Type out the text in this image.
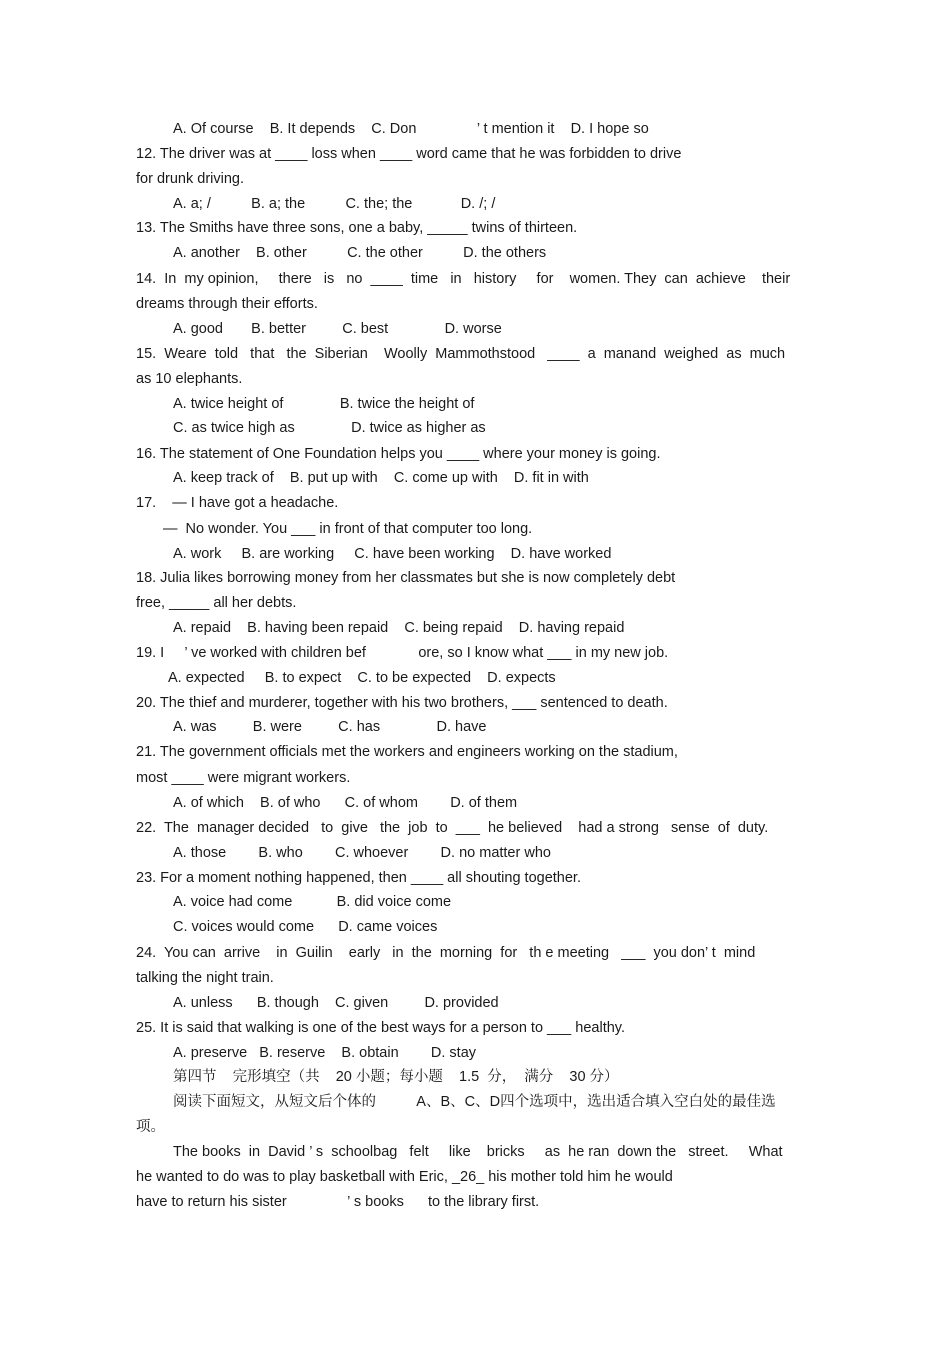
A. Of course    B. It depends    C. Don               ’ t mention it    D. I hope so
12. The driver was at ____ loss when ____ word came that he was forbidden to drive
for drunk driving.
A. a; /          B. a; the          C. the; the            D. /; /
13. The Smiths have three sons, one a baby, _____ twins of thirteen.
A. another    B. other          C. the other          D. the others
14.  In  my opinion,     there   is   no  ____  time   in   history     for    women. They  can  achieve    their
dreams through their efforts.
A. good       B. better         C. best              D. worse
15.  Weare  told   that   the  Siberian    Woolly  Mammothstood   ____  a  manand  weighed  as  much
as 10 elephants.
A. twice height of              B. twice the height of
C. as twice high as              D. twice as higher as
16. The statement of One Foundation helps you ____ where your money is going.
A. keep track of    B. put up with    C. come up with    D. fit in with
17.    — I have got a headache.
—  No wonder. You ___ in front of that computer too long.
A. work     B. are working     C. have been working    D. have worked
18. Julia likes borrowing money from her classmates but she is now completely debt
free, _____ all her debts.
A. repaid    B. having been repaid    C. being repaid    D. having repaid
19. I     ’ ve worked with children bef             ore, so I know what ___ in my new job.
A. expected     B. to expect    C. to be expected    D. expects
20. The thief and murderer, together with his two brothers, ___ sentenced to death.
A. was         B. were         C. has              D. have
21. The government officials met the workers and engineers working on the stadium,
most ____ were migrant workers.
A. of which    B. of who      C. of whom        D. of them
22.  The  manager decided   to  give   the  job  to  ___  he believed    had a strong   sense  of  duty.
A. those        B. who        C. whoever        D. no matter who
23. For a moment nothing happened, then ____ all shouting together.
A. voice had come           B. did voice come
C. voices would come      D. came voices
24.  You can  arrive    in  Guilin    early   in  the  morning  for   th e meeting   ___  you don’ t  mind
talking the night train.
A. unless      B. though    C. given         D. provided
25. It is said that walking is one of the best ways for a person to ___ healthy.
A. preserve   B. reserve    B. obtain        D. stay
第四节    完形填空（共    20 小题；每小题    1.5  分，  满分    30 分）
阅读下面短文，从短文后个体的          A、B、C、D四个选项中，选出适合填入空白处的最佳选
项。
The books  in  David ’ s  schoolbag   felt     like    bricks     as  he ran  down the   street.     What
he wanted to do was to play basketball with Eric, _26_ his mother told him he would
have to return his sister               ’ s books      to the library first.
